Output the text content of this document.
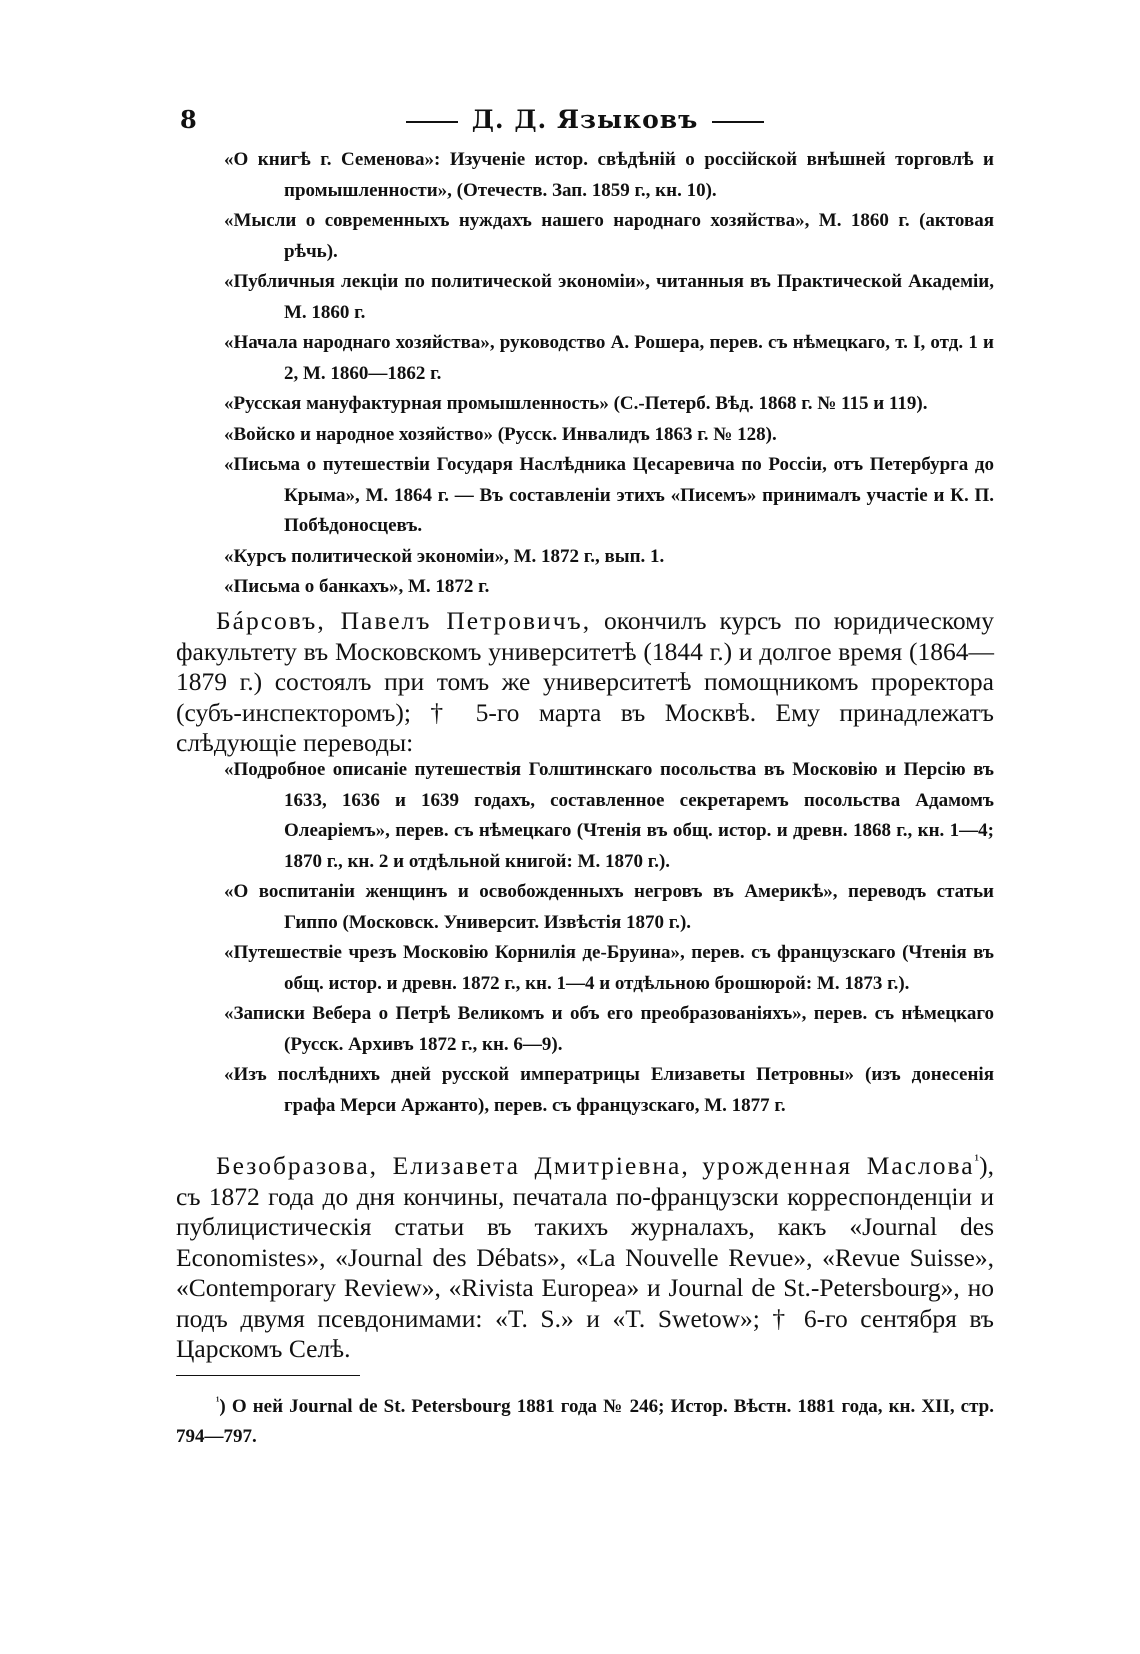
8	Д. Д. Языковъ
«О книгѣ г. Семенова»: Изученіе истор. свѣдѣній о россійской внѣшней торговлѣ и промышленности», (Отечеств. Зап. 1859 г., кн. 10).
«Мысли о современныхъ нуждахъ нашего народнаго хозяйства», М. 1860 г. (актовая рѣчь).
«Публичныя лекціи по политической экономіи», читанныя въ Практической Академіи, М. 1860 г.
«Начала народнаго хозяйства», руководство А. Рошера, перев. съ нѣмецкаго, т. I, отд. 1 и 2, М. 1860—1862 г.
«Русская мануфактурная промышленность» (С.-Петерб. Вѣд. 1868 г. № 115 и 119).
«Войско и народное хозяйство» (Русск. Инвалидъ 1863 г. № 128).
«Письма о путешествіи Государя Наслѣдника Цесаревича по Россіи, отъ Петербурга до Крыма», М. 1864 г. — Въ составленіи этихъ «Писемъ» принималъ участіе и К. П. Побѣдоносцевъ.
«Курсъ политической экономіи», М. 1872 г., вып. 1.
«Письма о банкахъ», М. 1872 г.

Бáрсовъ, Павелъ Петровичъ, окончилъ курсъ по юридическому факультету въ Московскомъ университетѣ (1844 г.) и долгое время (1864—1879 г.) состоялъ при томъ же университетѣ помощникомъ проректора (субъ-инспекторомъ); † 5-го марта въ Москвѣ. Ему принадлежатъ слѣдующіе переводы:

«Подробное описаніе путешествія Голштинскаго посольства въ Московію и Персію въ 1633, 1636 и 1639 годахъ, составленное секретаремъ посольства Адамомъ Олеаріемъ», перев. съ нѣмецкаго (Чтенія въ общ. истор. и древн. 1868 г., кн. 1—4; 1870 г., кн. 2 и отдѣльной книгой: М. 1870 г.).
«О воспитаніи женщинъ и освобожденныхъ негровъ въ Америкѣ», переводъ статьи Гиппо (Московск. Университ. Извѣстія 1870 г.).
«Путешествіе чрезъ Московію Корнилія де-Бруина», перев. съ французскаго (Чтенія въ общ. истор. и древн. 1872 г., кн. 1—4 и отдѣльною брошюрой: М. 1873 г.).
«Записки Вебера о Петрѣ Великомъ и объ его преобразованіяхъ», перев. съ нѣмецкаго (Русск. Архивъ 1872 г., кн. 6—9).
«Изъ послѣднихъ дней русской императрицы Елизаветы Петровны» (изъ донесенія графа Мерси Аржанто), перев. съ французскаго, М. 1877 г.

Безобразова, Елизавета Дмитріевна, урожденная Маслова$^{^1}$), съ 1872 года до дня кончины, печатала по-французски корреспонденціи и публицистическія статьи въ такихъ журналахъ, какъ «Journal des Economistes», «Journal des Débats», «La Nouvelle Revue», «Revue Suisse», «Contemporary Review», «Rivista Europea» и Journal de St.-Petersbourg», но подъ двумя псевдонимами: «T. S.» и «T. Swetow»; † 6-го сентября въ Царскомъ Селѣ.

$^{^1}$) О ней Journal de St. Petersbourg 1881 года № 246; Истор. Вѣстн. 1881 года, кн. XII, стр. 794—797.
